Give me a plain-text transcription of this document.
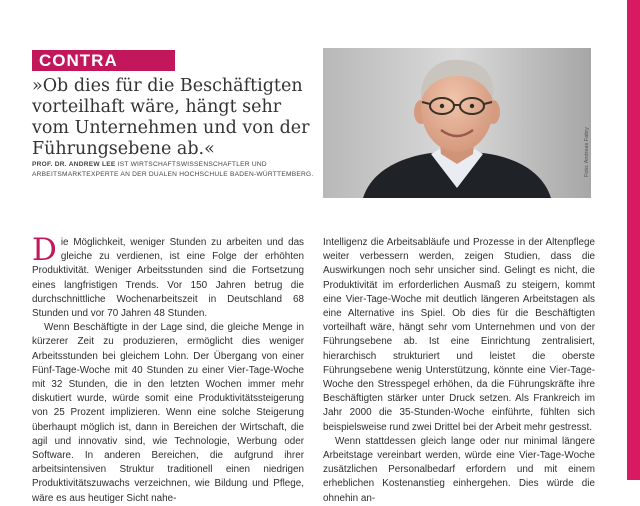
CONTRA
»Ob dies für die Beschäftigten vorteilhaft wäre, hängt sehr vom Unternehmen und von der Führungsebene ab.«

PROF. DR. ANDREW LEE IST WIRTSCHAFTSWISSENSCHAFTLER UND ARBEITSMARKTEXPERTE AN DER DUALEN HOCHSCHULE BADEN-WÜRTTEMBERG.	Foto: Andreas Fabry

Die Möglichkeit, weniger Stunden zu arbeiten und das gleiche zu verdienen, ist eine Folge der erhöhten Produktivität. Weniger Arbeitsstunden sind die Fortsetzung eines langfristigen Trends. Vor 150 Jahren betrug die durchschnittliche Wochenarbeitszeit in Deutschland 68 Stunden und vor 70 Jahren 48 Stunden.

Wenn Beschäftigte in der Lage sind, die gleiche Menge in kürzerer Zeit zu produzieren, ermöglicht dies weniger Arbeitsstunden bei gleichem Lohn. Der Übergang von einer Fünf-Tage-Woche mit 40 Stunden zu einer Vier-Tage-Woche mit 32 Stunden, die in den letzten Wochen immer mehr diskutiert wurde, würde somit eine Produktivitätssteigerung von 25 Prozent implizieren. Wenn eine solche Steigerung überhaupt möglich ist, dann in Bereichen der Wirtschaft, die agil und innovativ sind, wie Technologie, Werbung oder Software. In anderen Bereichen, die aufgrund ihrer arbeitsintensiven Struktur traditionell einen niedrigen Produktivitätszuwachs verzeichnen, wie Bildung und Pflege, wäre es aus heutiger Sicht nahe-

Intelligenz die Arbeitsabläufe und Prozesse in der Altenpflege weiter verbessern werden, zeigen Studien, dass die Auswirkungen noch sehr unsicher sind. Gelingt es nicht, die Produktivität im erforderlichen Ausmaß zu steigern, kommt eine Vier-Tage-Woche mit deutlich längeren Arbeitstagen als eine Alternative ins Spiel. Ob dies für die Beschäftigten vorteilhaft wäre, hängt sehr vom Unternehmen und von der Führungsebene ab. Ist eine Einrichtung zentralisiert, hierarchisch strukturiert und leistet die oberste Führungsebene wenig Unterstützung, könnte eine Vier-Tage-Woche den Stresspegel erhöhen, da die Führungskräfte ihre Beschäftigten stärker unter Druck setzen. Als Frankreich im Jahr 2000 die 35-Stunden-Woche einführte, fühlten sich beispielsweise rund zwei Drittel bei der Arbeit mehr gestresst.

Wenn stattdessen gleich lange oder nur minimal längere Arbeitstage vereinbart werden, würde eine Vier-Tage-Woche zusätzlichen Personalbedarf erfordern und mit einem erheblichen Kostenanstieg einhergehen. Dies würde die ohnehin an-
